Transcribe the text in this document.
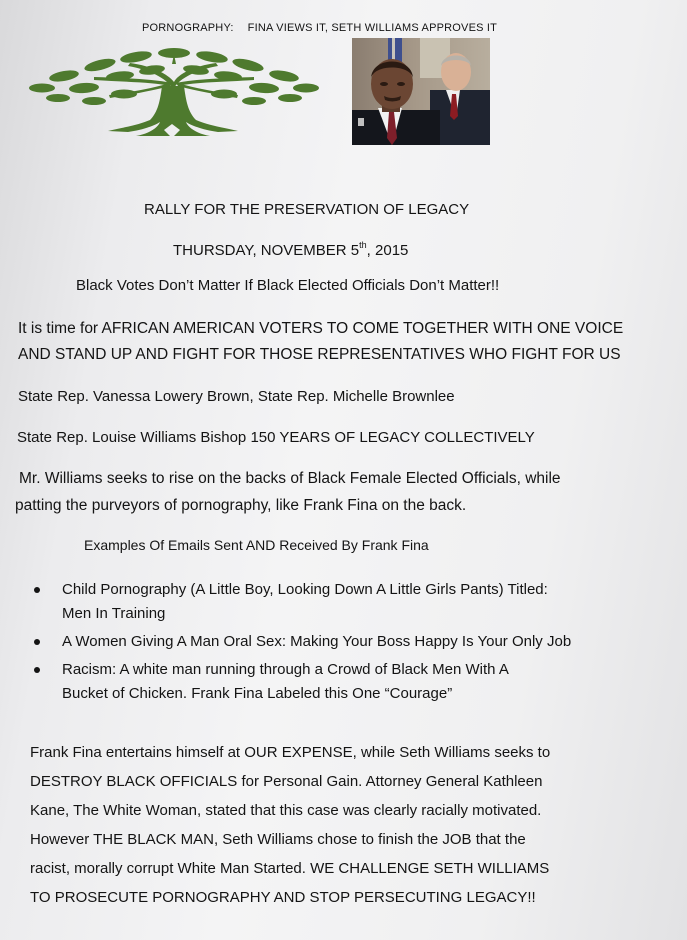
PORNOGRAPHY: FINA VIEWS IT, SETH WILLIAMS APPROVES IT
RALLY FOR THE PRESERVATION OF LEGACY
THURSDAY, NOVEMBER 5th, 2015
Black Votes Don’t Matter If Black Elected Officials Don’t Matter!!
It is time for AFRICAN AMERICAN VOTERS TO COME TOGETHER WITH ONE VOICE
AND STAND UP AND FIGHT FOR THOSE REPRESENTATIVES WHO FIGHT FOR US
State Rep. Vanessa Lowery Brown, State Rep. Michelle Brownlee
State Rep. Louise Williams Bishop 150 YEARS OF LEGACY COLLECTIVELY
Mr. Williams seeks to rise on the backs of Black Female Elected Officials, while
patting the purveyors of pornography, like Frank Fina on the back.
Examples Of Emails Sent AND Received By Frank Fina
Child Pornography (A Little Boy, Looking Down A Little Girls Pants) Titled:
Men In Training
A Women Giving A Man Oral Sex: Making Your Boss Happy Is Your Only Job
Racism: A white man running through a Crowd of Black Men With A
Bucket of Chicken. Frank Fina Labeled this One “Courage”
Frank Fina entertains himself at OUR EXPENSE, while Seth Williams seeks to
DESTROY BLACK OFFICIALS for Personal Gain. Attorney General Kathleen
Kane, The White Woman, stated that this case was clearly racially motivated.
However THE BLACK MAN, Seth Williams chose to finish the JOB that the
racist, morally corrupt White Man Started. WE CHALLENGE SETH WILLIAMS
TO PROSECUTE PORNOGRAPHY AND STOP PERSECUTING LEGACY!!
